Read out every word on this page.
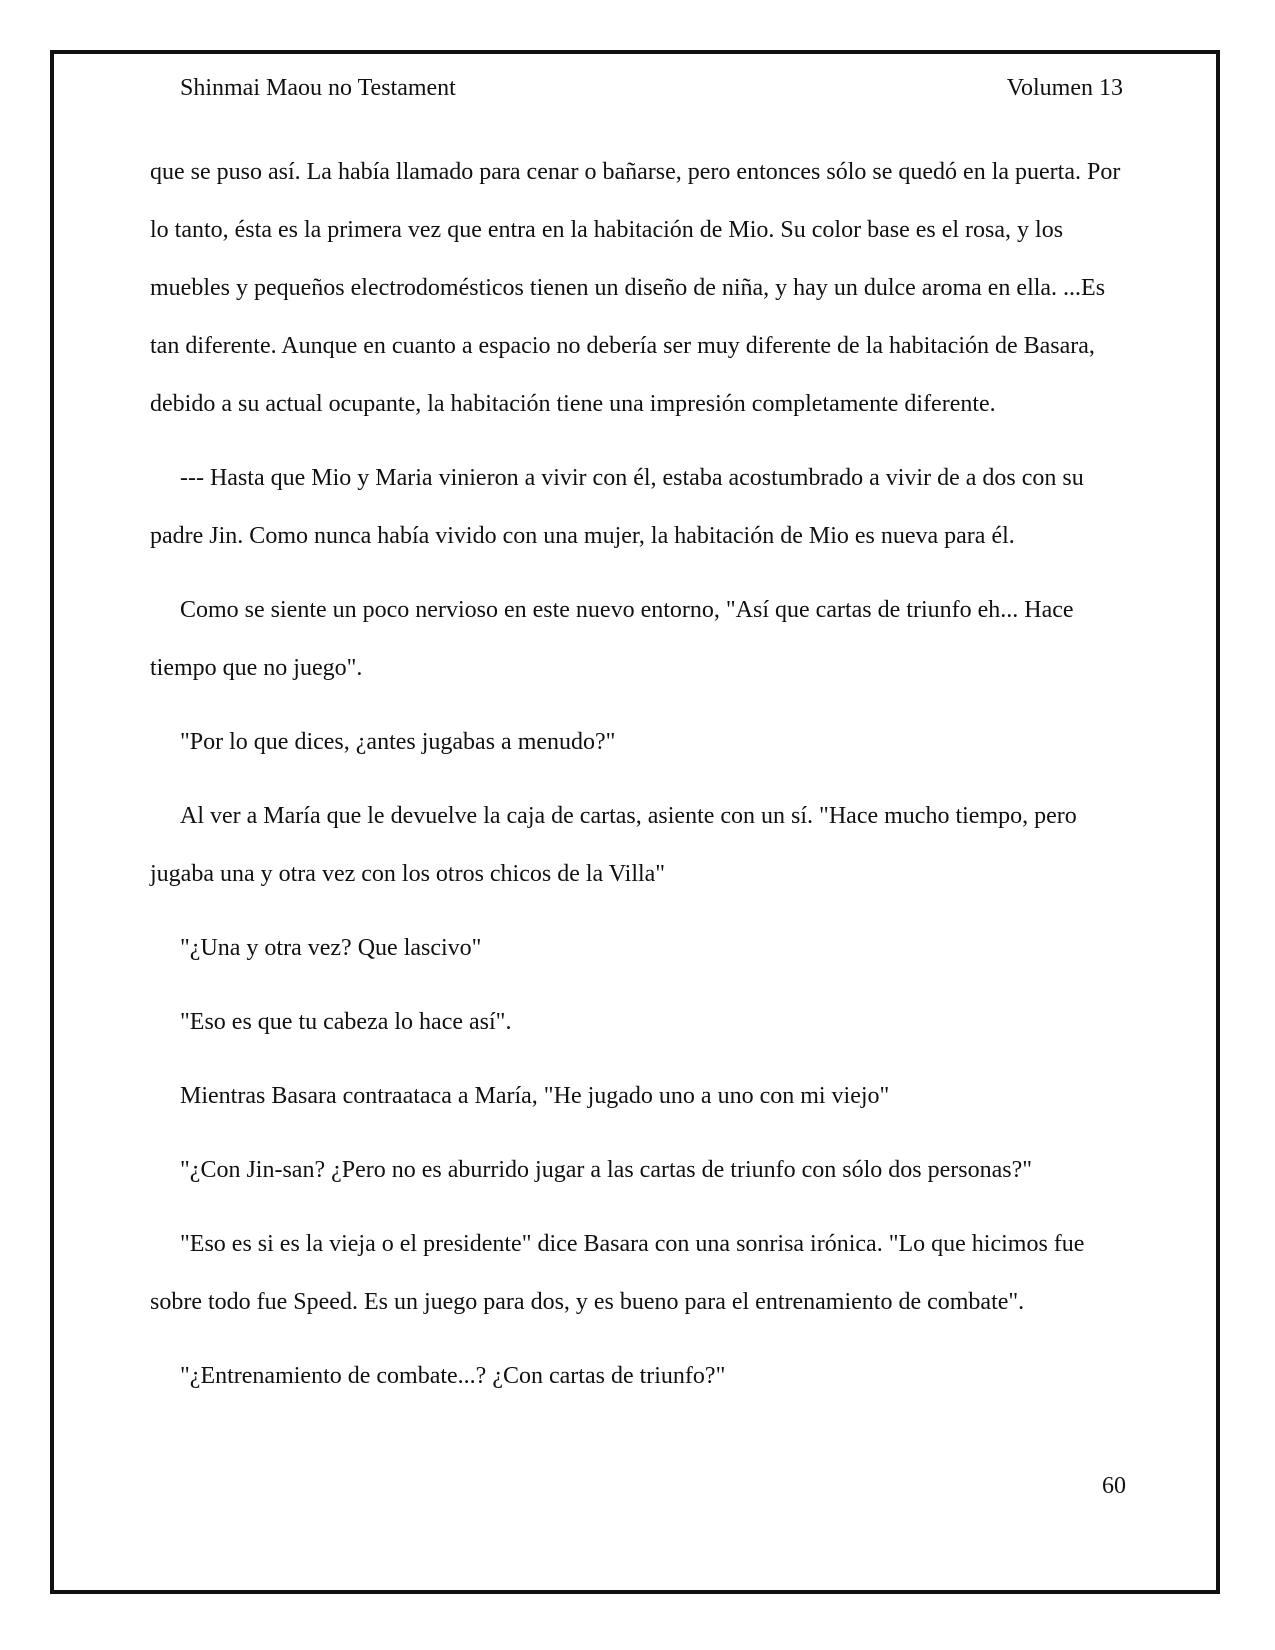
Shinmai Maou no Testament	Volumen 13

que se puso así. La había llamado para cenar o bañarse, pero entonces sólo se quedó en la puerta. Por lo tanto, ésta es la primera vez que entra en la habitación de Mio. Su color base es el rosa, y los muebles y pequeños electrodomésticos tienen un diseño de niña, y hay un dulce aroma en ella. ...Es tan diferente. Aunque en cuanto a espacio no debería ser muy diferente de la habitación de Basara, debido a su actual ocupante, la habitación tiene una impresión completamente diferente.

--- Hasta que Mio y Maria vinieron a vivir con él, estaba acostumbrado a vivir de a dos con su padre Jin. Como nunca había vivido con una mujer, la habitación de Mio es nueva para él.

Como se siente un poco nervioso en este nuevo entorno, "Así que cartas de triunfo eh... Hace tiempo que no juego".

"Por lo que dices, ¿antes jugabas a menudo?"

Al ver a María que le devuelve la caja de cartas, asiente con un sí. "Hace mucho tiempo, pero jugaba una y otra vez con los otros chicos de la Villa"

"¿Una y otra vez? Que lascivo"

"Eso es que tu cabeza lo hace así".

Mientras Basara contraataca a María, "He jugado uno a uno con mi viejo"

"¿Con Jin-san? ¿Pero no es aburrido jugar a las cartas de triunfo con sólo dos personas?"

"Eso es si es la vieja o el presidente" dice Basara con una sonrisa irónica. "Lo que hicimos fue sobre todo fue Speed. Es un juego para dos, y es bueno para el entrenamiento de combate".

"¿Entrenamiento de combate...? ¿Con cartas de triunfo?"

60
